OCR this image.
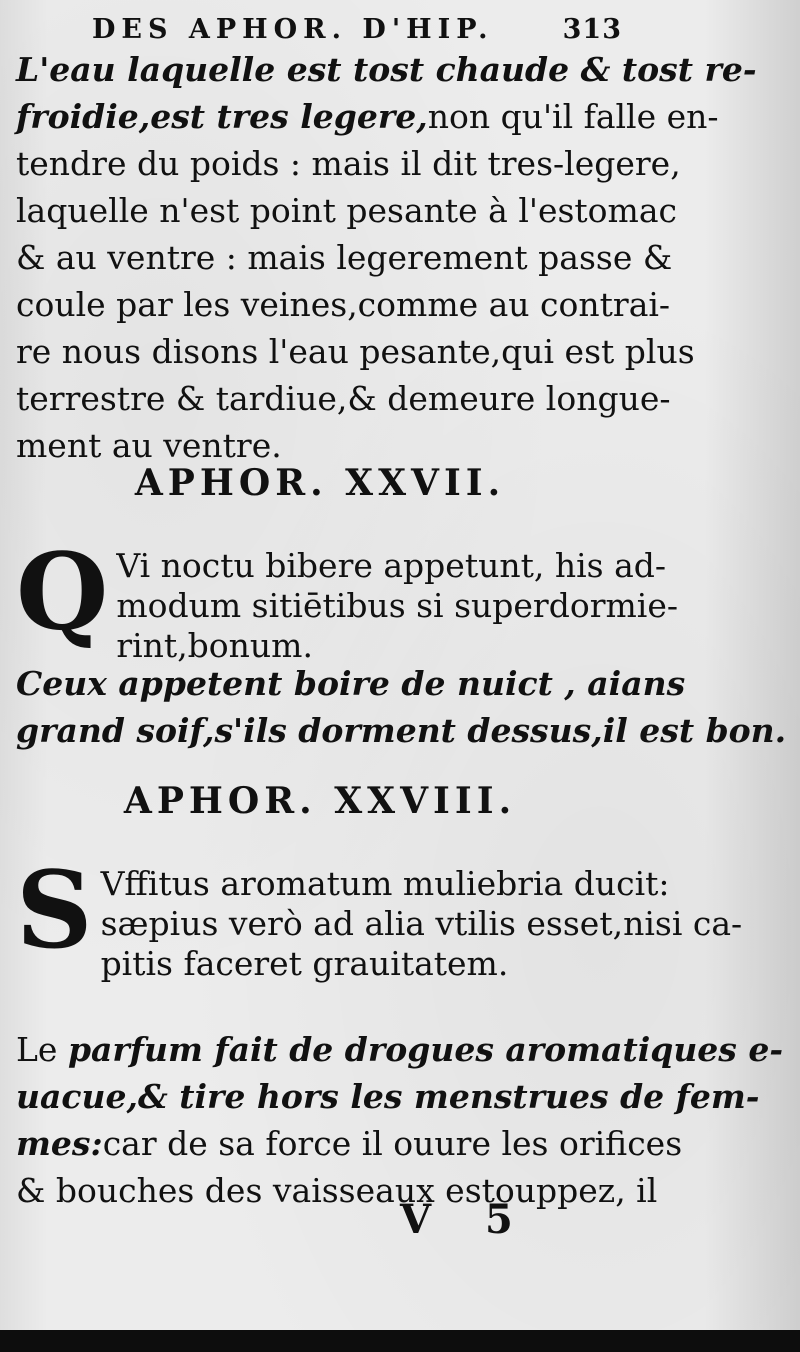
DES APHOR. D'HIP.	313
L'eau laquelle est tost chaude & tost re-
froidie,est tres legere,non qu'il falle en-
tendre du poids : mais il dit tres-legere,
laquelle n'est point pesante à l'estomac
& au ventre : mais legerement passe &
coule par les veines,comme au contrai-
re nous disons l'eau pesante,qui est plus
terrestre & tardiue,& demeure longue-
ment au ventre.
APHOR. XXVII.
Q Vi noctu bibere appetunt, his ad-
modum sitiētibus si superdormie-
rint,bonum.
Ceux appetent boire de nuict , aians
grand soif,s'ils dorment dessus,il est bon.
APHOR. XXVIII.
S Vffitus aromatum muliebria ducit:
sæpius verò ad alia vtilis esset,nisi ca-
pitis faceret grauitatem.
Le parfum fait de drogues aromatiques e-
uacue,& tire hors les menstrues de fem-
mes:car de sa force il ouure les orifices
& bouches des vaisseaux estouppez, il
V 5
